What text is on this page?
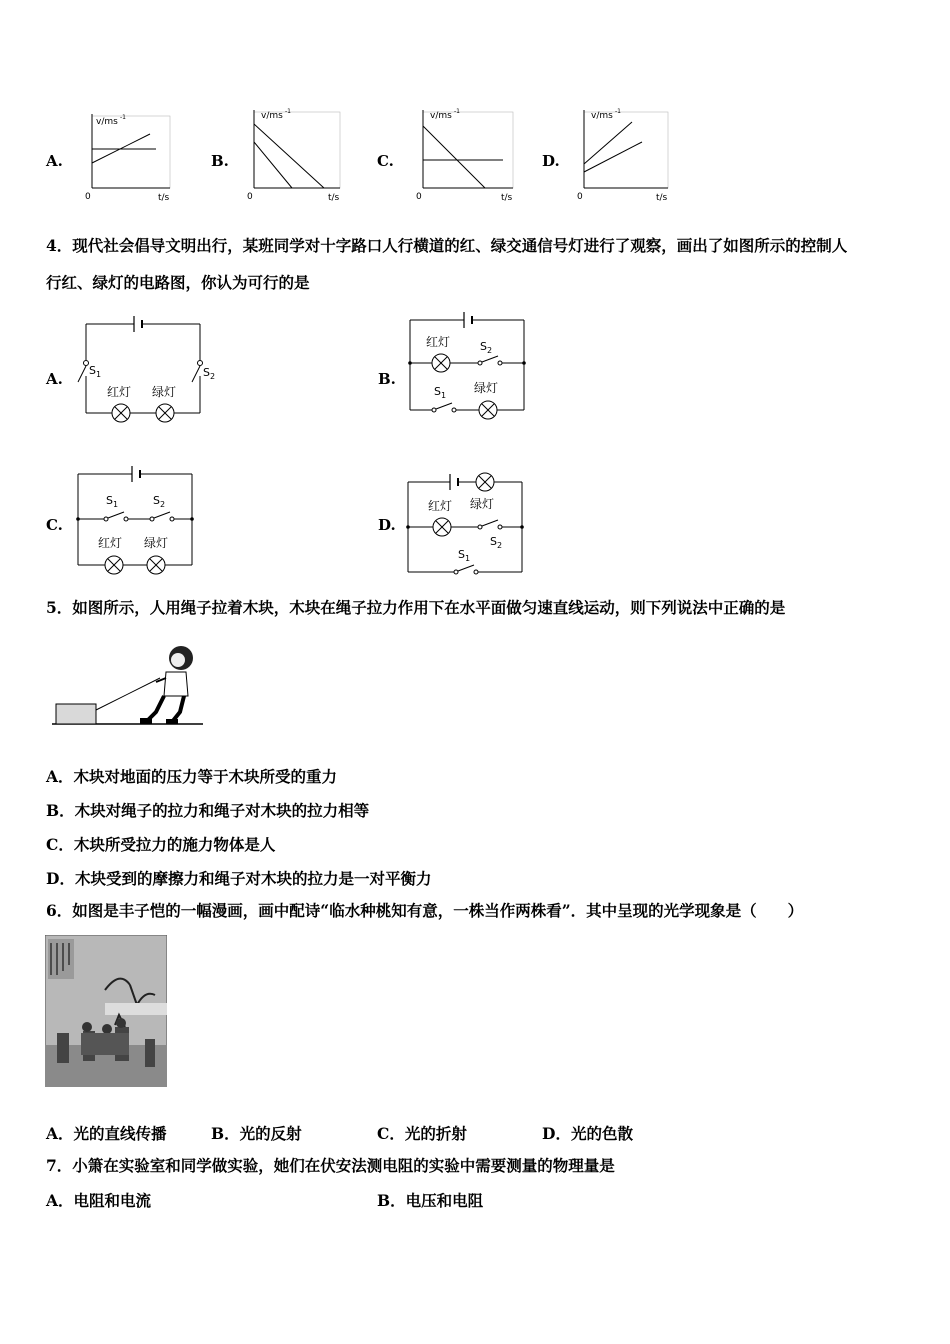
A.
v/ms -1
0	t/s
B.
v/ms -1
0	t/s
C.
v/ms -1
0	t/s
D.
v/ms -1
0	t/s
4．现代社会倡导文明出行，某班同学对十字路口人行横道的红、绿交通信号灯进行了观察，画出了如图所示的控制人
行红、绿灯的电路图，你认为可行的是
A. $S_1$	$S_2$
红灯 绿灯
B.
红灯	$S_2$
$S_1$
绿灯
C.
$S_1$	$S_2$
红灯 绿灯
D.
红灯 绿灯
$S_2$
$S_1$
5．如图所示，人用绳子拉着木块，木块在绳子拉力作用下在水平面做匀速直线运动，则下列说法中正确的是
A．木块对地面的压力等于木块所受的重力
B．木块对绳子的拉力和绳子对木块的拉力相等
C．木块所受拉力的施力物体是人
D．木块受到的摩擦力和绳子对木块的拉力是一对平衡力
6．如图是丰子恺的一幅漫画，画中配诗“临水种桃知有意，一株当作两株看”．其中呈现的光学现象是（　　）
A．光的直线传播	B．光的反射	C．光的折射	D．光的色散
7．小箫在实验室和同学做实验，她们在伏安法测电阻的实验中需要测量的物理量是
A．电阻和电流	B．电压和电阻
